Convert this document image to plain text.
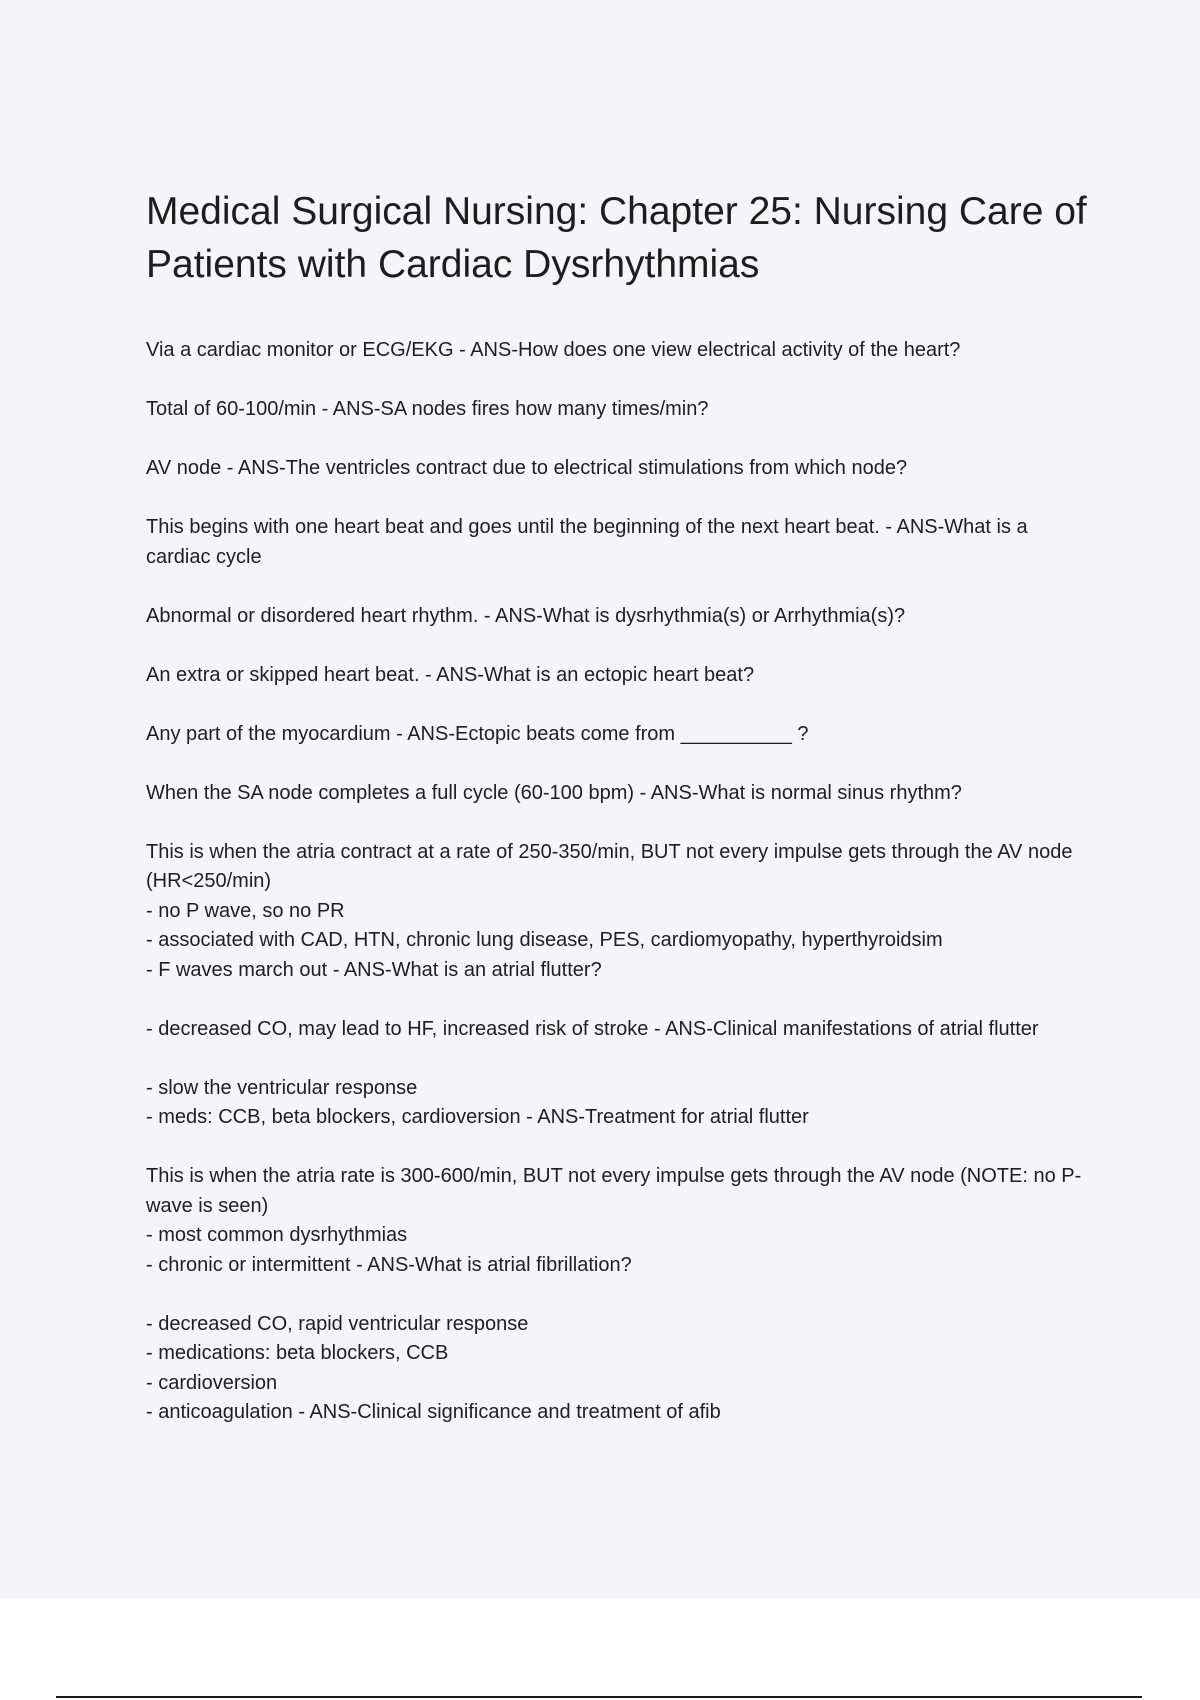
Medical Surgical Nursing: Chapter 25: Nursing Care of Patients with Cardiac Dysrhythmias

Via a cardiac monitor or ECG/EKG - ANS-How does one view electrical activity of the heart?

Total of 60-100/min - ANS-SA nodes fires how many times/min?

AV node - ANS-The ventricles contract due to electrical stimulations from which node?

This begins with one heart beat and goes until the beginning of the next heart beat. - ANS-What is a cardiac cycle

Abnormal or disordered heart rhythm. - ANS-What is dysrhythmia(s) or Arrhythmia(s)?

An extra or skipped heart beat. - ANS-What is an ectopic heart beat?

Any part of the myocardium - ANS-Ectopic beats come from __________ ?

When the SA node completes a full cycle (60-100 bpm) - ANS-What is normal sinus rhythm?

This is when the atria contract at a rate of 250-350/min, BUT not every impulse gets through the AV node (HR<250/min)

- no P wave, so no PR

- associated with CAD, HTN, chronic lung disease, PES, cardiomyopathy, hyperthyroidsim

- F waves march out - ANS-What is an atrial flutter?

- decreased CO, may lead to HF, increased risk of stroke - ANS-Clinical manifestations of atrial flutter

- slow the ventricular response

- meds: CCB, beta blockers, cardioversion - ANS-Treatment for atrial flutter

This is when the atria rate is 300-600/min, BUT not every impulse gets through the AV node (NOTE: no P-wave is seen)

- most common dysrhythmias

- chronic or intermittent - ANS-What is atrial fibrillation?

- decreased CO, rapid ventricular response

- medications: beta blockers, CCB

- cardioversion

- anticoagulation - ANS-Clinical significance and treatment of afib
